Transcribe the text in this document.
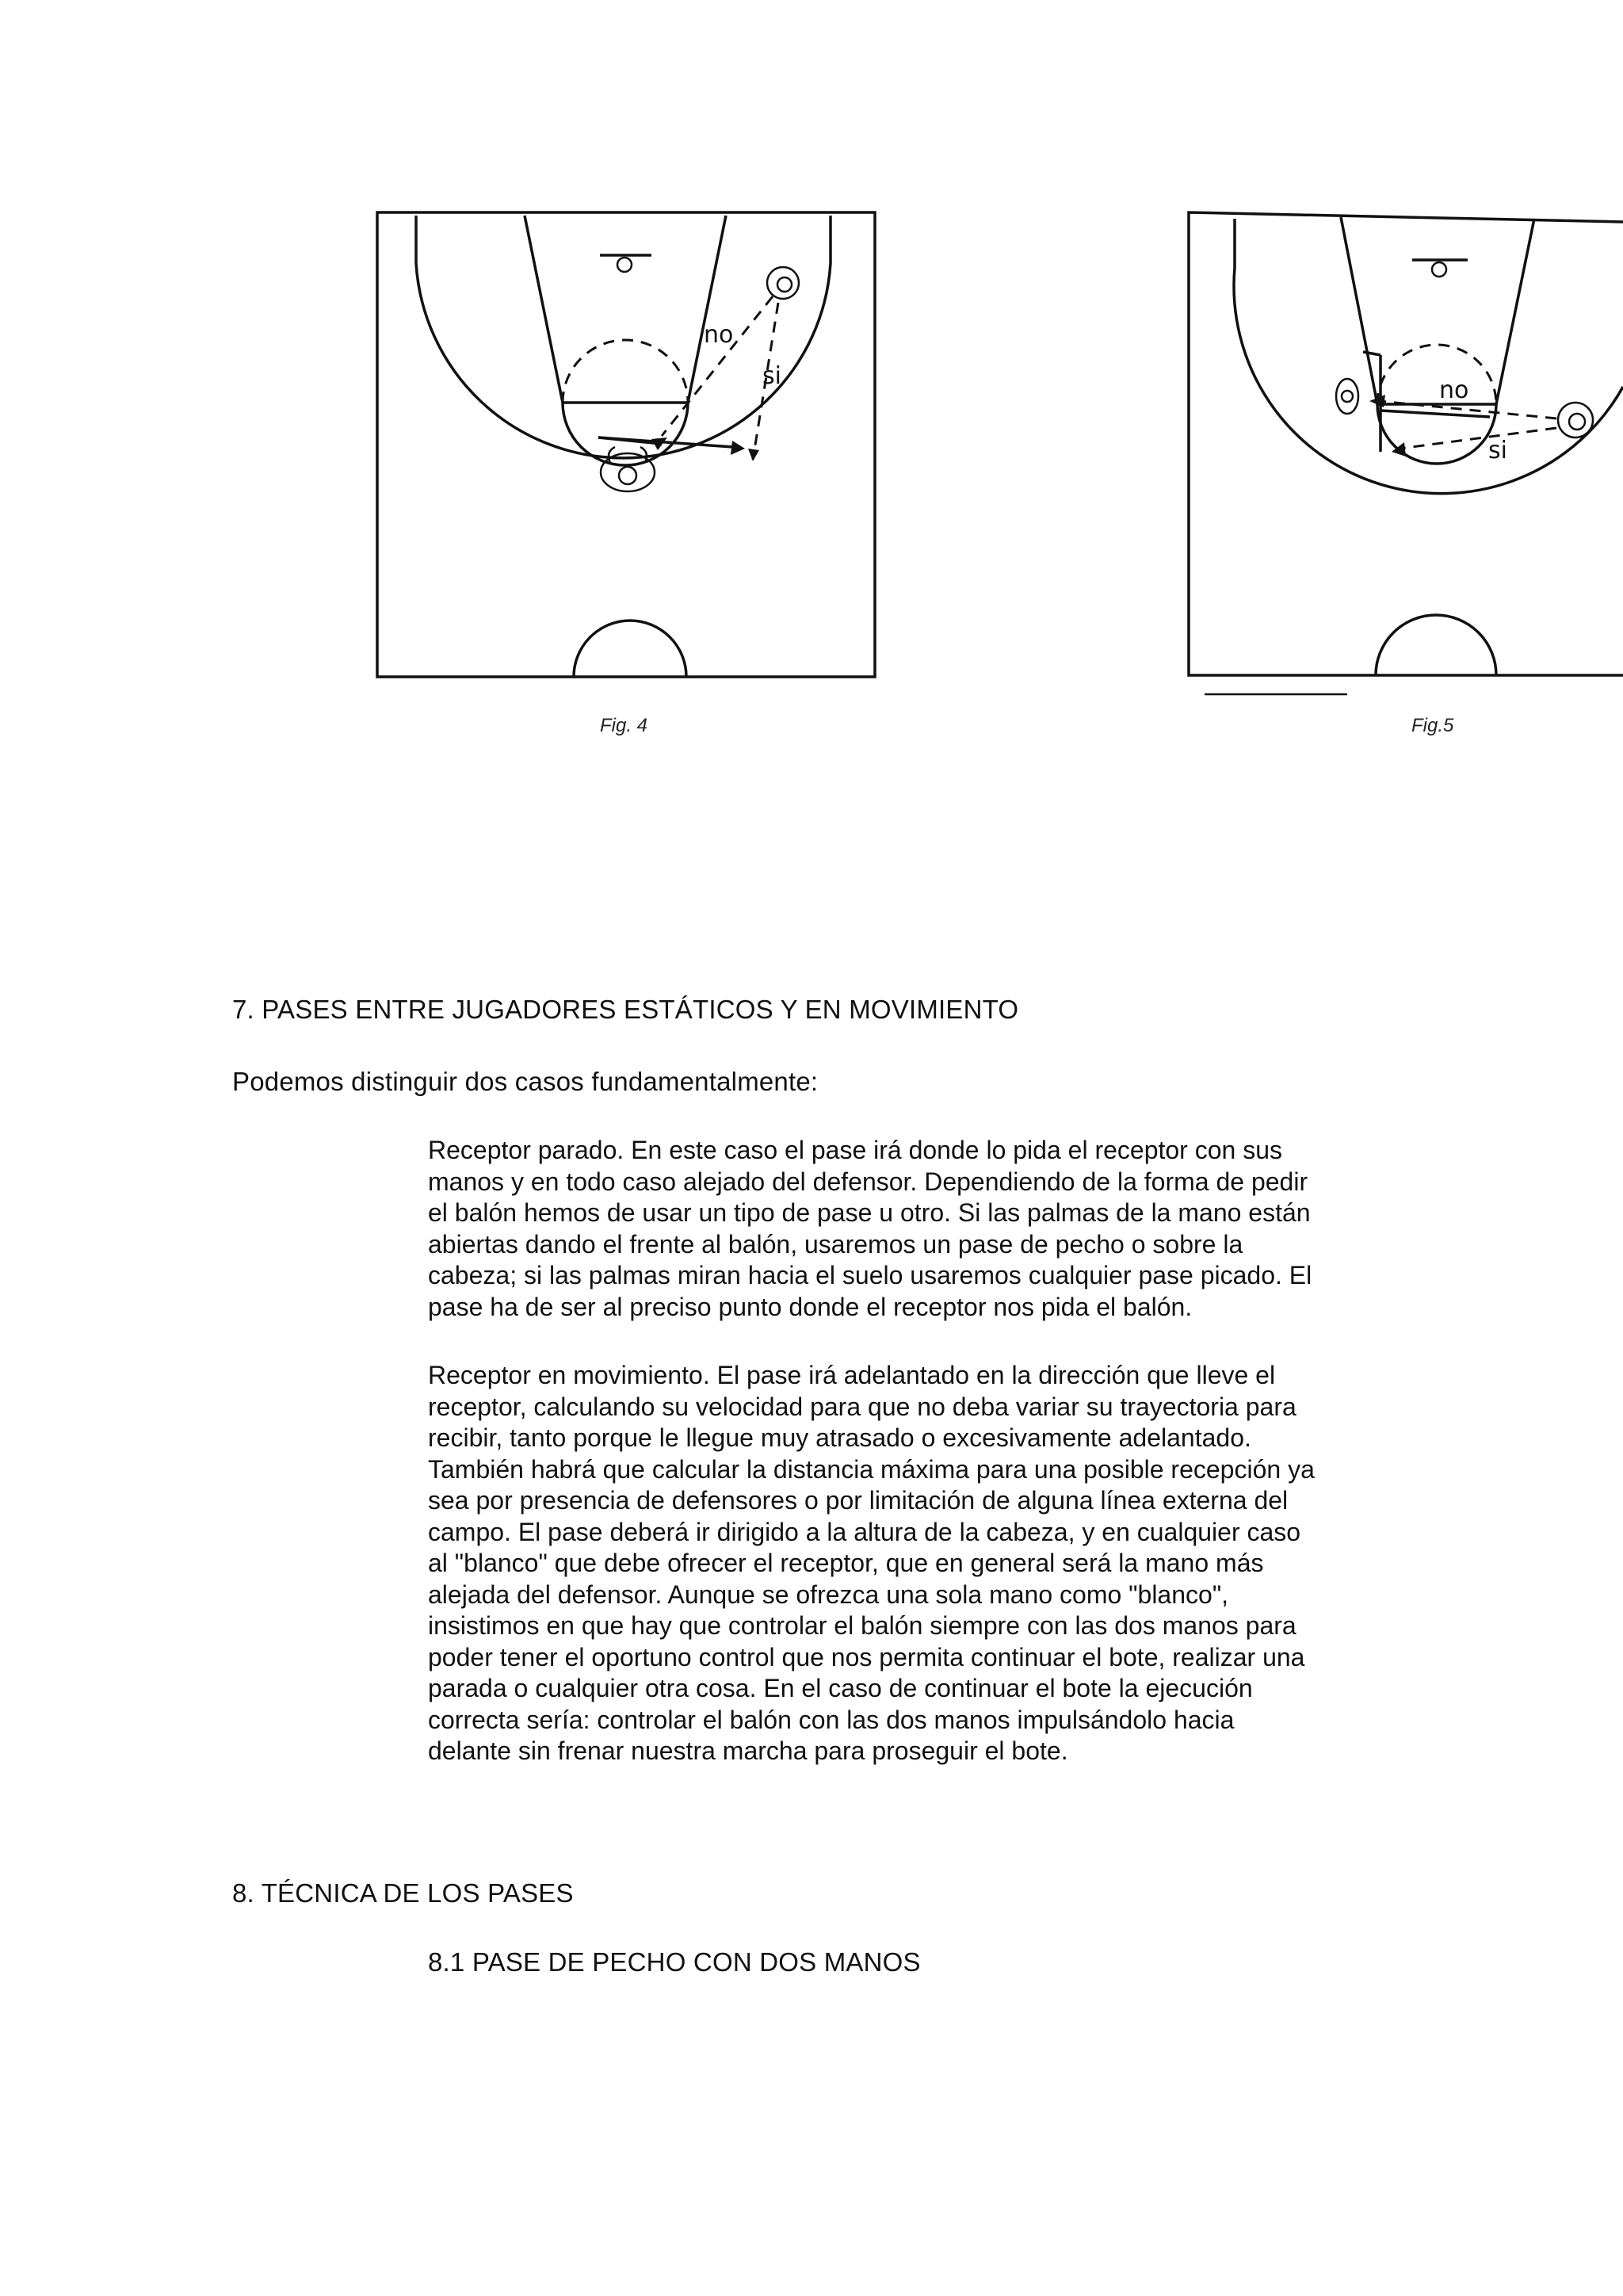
no
si
Fig. 4
no
si
Fig.5
7. PASES ENTRE JUGADORES ESTÁTICOS Y EN MOVIMIENTO
Podemos distinguir dos casos fundamentalmente:
Receptor parado. En este caso el pase irá donde lo pida el receptor con sus
manos y en todo caso alejado del defensor. Dependiendo de la forma de pedir
el balón hemos de usar un tipo de pase u otro. Si las palmas de la mano están
abiertas dando el frente al balón, usaremos un pase de pecho o sobre la
cabeza; si las palmas miran hacia el suelo usaremos cualquier pase picado. El
pase ha de ser al preciso punto donde el receptor nos pida el balón.
Receptor en movimiento. El pase irá adelantado en la dirección que lleve el
receptor, calculando su velocidad para que no deba variar su trayectoria para
recibir, tanto porque le llegue muy atrasado o excesivamente adelantado.
También habrá que calcular la distancia máxima para una posible recepción ya
sea por presencia de defensores o por limitación de alguna línea externa del
campo. El pase deberá ir dirigido a la altura de la cabeza, y en cualquier caso
al "blanco" que debe ofrecer el receptor, que en general será la mano más
alejada del defensor. Aunque se ofrezca una sola mano como "blanco",
insistimos en que hay que controlar el balón siempre con las dos manos para
poder tener el oportuno control que nos permita continuar el bote, realizar una
parada o cualquier otra cosa. En el caso de continuar el bote la ejecución
correcta sería: controlar el balón con las dos manos impulsándolo hacia
delante sin frenar nuestra marcha para proseguir el bote.
8. TÉCNICA DE LOS PASES
8.1 PASE DE PECHO CON DOS MANOS
